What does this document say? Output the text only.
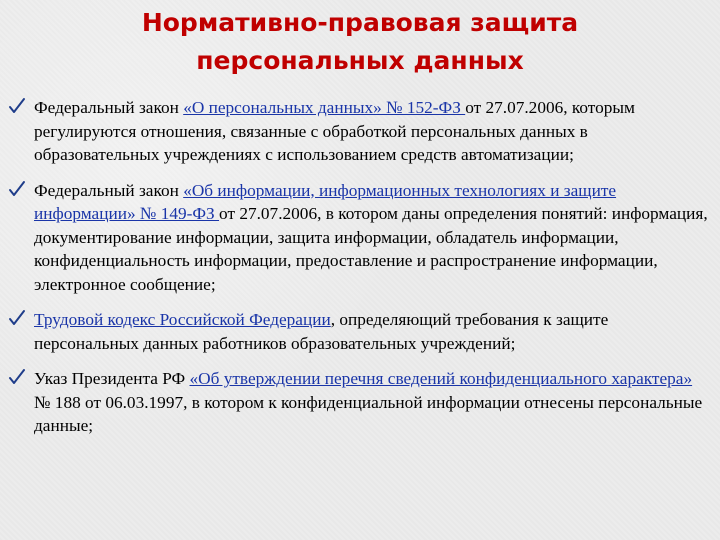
Нормативно-правовая защита
персональных данных
Федеральный закон «О персональных данных» № 152-ФЗ от 27.07.2006, которым регулируются отношения, связанные с обработкой персональных данных в образовательных учреждениях с использованием средств автоматизации;
Федеральный закон «Об информации, информационных технологиях и защите информации» № 149-ФЗ от 27.07.2006, в котором даны определения понятий: информация, документирование информации, защита информации, обладатель информации, конфиденциальность информации, предоставление и распространение информации, электронное сообщение;
Трудовой кодекс Российской Федерации, определяющий требования к защите персональных данных работников образовательных учреждений;
Указ Президента РФ «Об утверждении перечня сведений конфиденциального характера» № 188 от 06.03.1997, в котором к конфиденциальной информации отнесены персональные данные;
